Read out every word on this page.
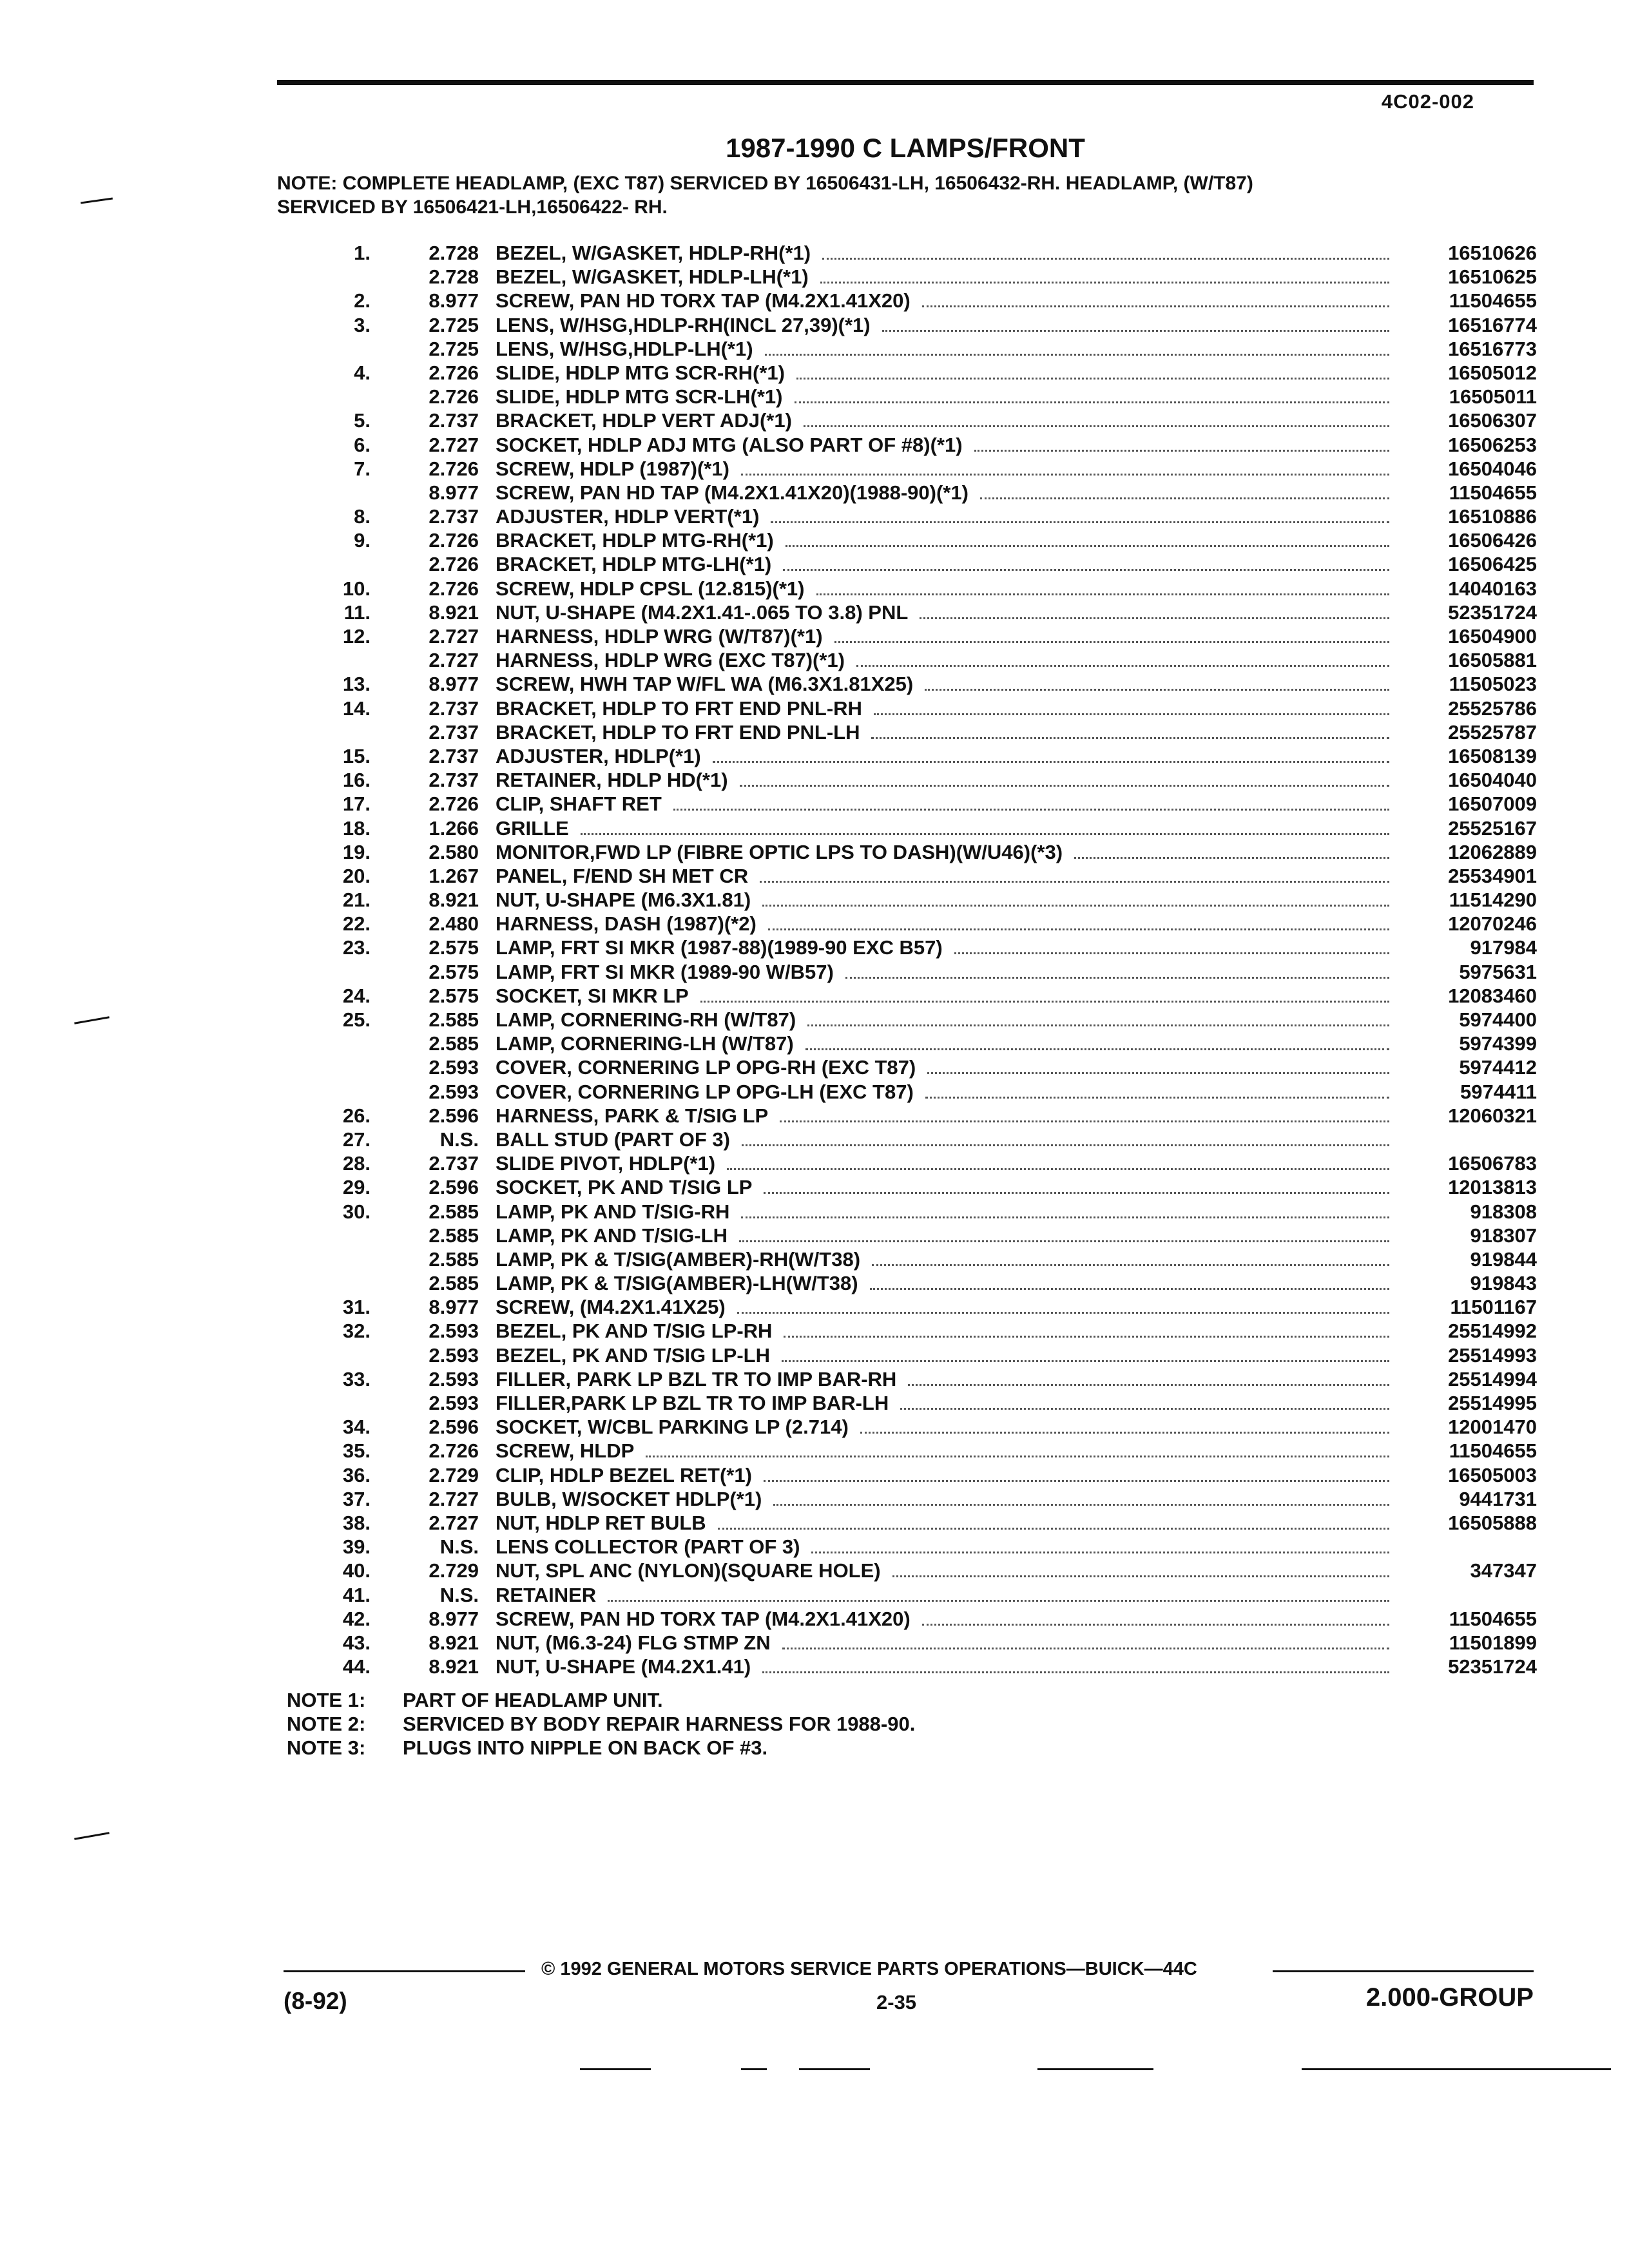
4C02-002
1987-1990 C LAMPS/FRONT
NOTE: COMPLETE HEADLAMP, (EXC T87) SERVICED BY 16506431-LH, 16506432-RH. HEADLAMP, (W/T87)
SERVICED BY 16506421-LH,16506422- RH.
1.	2.728 BEZEL, W/GASKET, HDLP-RH(*1)	16510626
2.728 BEZEL, W/GASKET, HDLP-LH(*1)	16510625
2.	8.977 SCREW, PAN HD TORX TAP (M4.2X1.41X20)	11504655
3.	2.725 LENS, W/HSG,HDLP-RH(INCL 27,39)(*1)	16516774
2.725 LENS, W/HSG,HDLP-LH(*1)	16516773
4.	2.726 SLIDE, HDLP MTG SCR-RH(*1)	16505012
2.726 SLIDE, HDLP MTG SCR-LH(*1)	16505011
5.	2.737 BRACKET, HDLP VERT ADJ(*1)	16506307
6.	2.727 SOCKET, HDLP ADJ MTG (ALSO PART OF #8)(*1)	16506253
7.	2.726 SCREW, HDLP (1987)(*1)	16504046
8.977 SCREW, PAN HD TAP (M4.2X1.41X20)(1988-90)(*1)	11504655
8.	2.737 ADJUSTER, HDLP VERT(*1)	16510886
9.	2.726 BRACKET, HDLP MTG-RH(*1)	16506426
2.726 BRACKET, HDLP MTG-LH(*1)	16506425
10.	2.726 SCREW, HDLP CPSL (12.815)(*1)	14040163
11.	8.921 NUT, U-SHAPE (M4.2X1.41-.065 TO 3.8) PNL	52351724
12.	2.727 HARNESS, HDLP WRG (W/T87)(*1)	16504900
2.727 HARNESS, HDLP WRG (EXC T87)(*1)	16505881
13.	8.977 SCREW, HWH TAP W/FL WA (M6.3X1.81X25)	11505023
14.	2.737 BRACKET, HDLP TO FRT END PNL-RH	25525786
2.737 BRACKET, HDLP TO FRT END PNL-LH	25525787
15.	2.737 ADJUSTER, HDLP(*1)	16508139
16.	2.737 RETAINER, HDLP HD(*1)	16504040
17.	2.726 CLIP, SHAFT RET	16507009
18.	1.266 GRILLE	25525167
19.	2.580 MONITOR,FWD LP (FIBRE OPTIC LPS TO DASH)(W/U46)(*3)	12062889
20.	1.267 PANEL, F/END SH MET CR	25534901
21.	8.921 NUT, U-SHAPE (M6.3X1.81)	11514290
22.	2.480 HARNESS, DASH (1987)(*2)	12070246
23.	2.575 LAMP, FRT SI MKR (1987-88)(1989-90 EXC B57)	917984
2.575 LAMP, FRT SI MKR (1989-90 W/B57)	5975631
24.	2.575 SOCKET, SI MKR LP	12083460
25.	2.585 LAMP, CORNERING-RH (W/T87)	5974400
2.585 LAMP, CORNERING-LH (W/T87)	5974399
2.593 COVER, CORNERING LP OPG-RH (EXC T87)	5974412
2.593 COVER, CORNERING LP OPG-LH (EXC T87)	5974411
26.	2.596 HARNESS, PARK & T/SIG LP	12060321
27.	N.S. BALL STUD (PART OF 3)
28.	2.737 SLIDE PIVOT, HDLP(*1)	16506783
29.	2.596 SOCKET, PK AND T/SIG LP	12013813
30.	2.585 LAMP, PK AND T/SIG-RH	918308
2.585 LAMP, PK AND T/SIG-LH	918307
2.585 LAMP, PK & T/SIG(AMBER)-RH(W/T38)	919844
2.585 LAMP, PK & T/SIG(AMBER)-LH(W/T38)	919843
31.	8.977 SCREW, (M4.2X1.41X25)	11501167
32.	2.593 BEZEL, PK AND T/SIG LP-RH	25514992
2.593 BEZEL, PK AND T/SIG LP-LH	25514993
33.	2.593 FILLER, PARK LP BZL TR TO IMP BAR-RH	25514994
2.593 FILLER,PARK LP BZL TR TO IMP BAR-LH	25514995
34.	2.596 SOCKET, W/CBL PARKING LP (2.714)	12001470
35.	2.726 SCREW, HLDP	11504655
36.	2.729 CLIP, HDLP BEZEL RET(*1)	16505003
37.	2.727 BULB, W/SOCKET HDLP(*1)	9441731
38.	2.727 NUT, HDLP RET BULB	16505888
39.	N.S. LENS COLLECTOR (PART OF 3)
40.	2.729 NUT, SPL ANC (NYLON)(SQUARE HOLE)	347347
41.	N.S. RETAINER
42.	8.977 SCREW, PAN HD TORX TAP (M4.2X1.41X20)	11504655
43.	8.921 NUT, (M6.3-24) FLG STMP ZN	11501899
44.	8.921 NUT, U-SHAPE (M4.2X1.41)	52351724
NOTE 1:	PART OF HEADLAMP UNIT.
NOTE 2:	SERVICED BY BODY REPAIR HARNESS FOR 1988-90.
NOTE 3:	PLUGS INTO NIPPLE ON BACK OF #3.
© 1992 GENERAL MOTORS SERVICE PARTS OPERATIONS—BUICK—44C
(8-92)	2-35	2.000-GROUP
